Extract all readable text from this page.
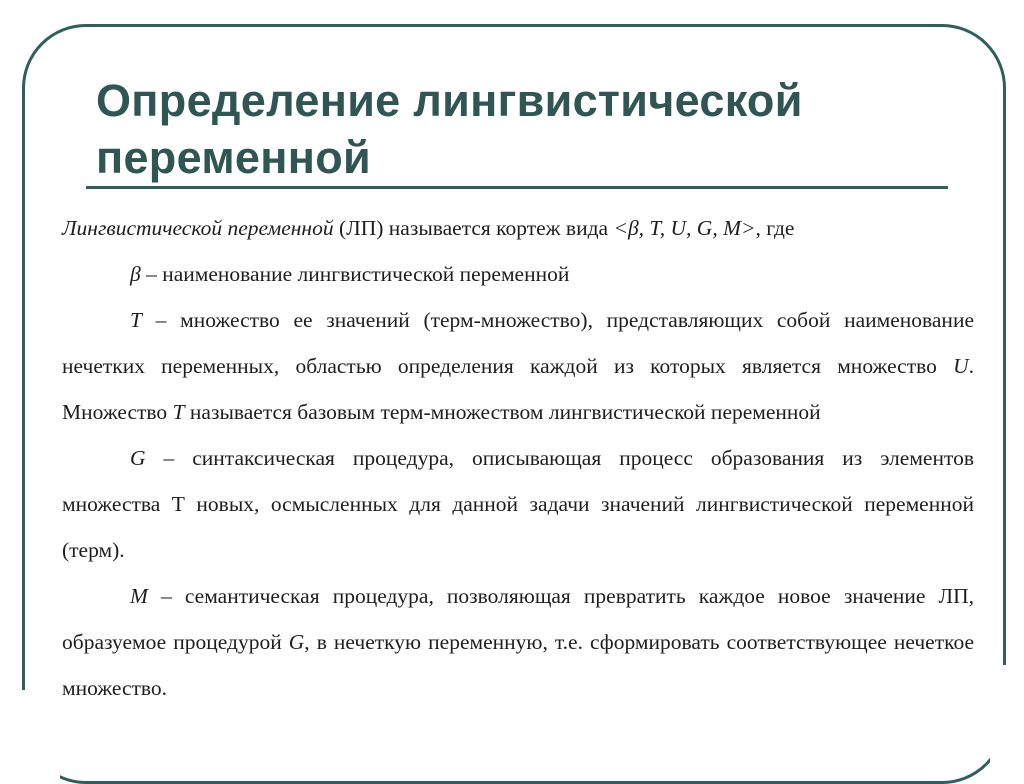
Определение лингвистической переменной

Лингвистической переменной (ЛП) называется кортеж вида <β, T, U, G, M>, где

β – наименование лингвистической переменной

T – множество ее значений (терм-множество), представляющих собой наименование нечетких переменных, областью определения каждой из которых является множество U. Множество T называется базовым терм-множеством лингвистической переменной

G – синтаксическая процедура, описывающая процесс образования из элементов множества Т новых, осмысленных для данной задачи значений лингвистической переменной (терм).

M – семантическая процедура, позволяющая превратить каждое новое значение ЛП, образуемое процедурой G, в нечеткую переменную, т.е. сформировать соответствующее нечеткое множество.
